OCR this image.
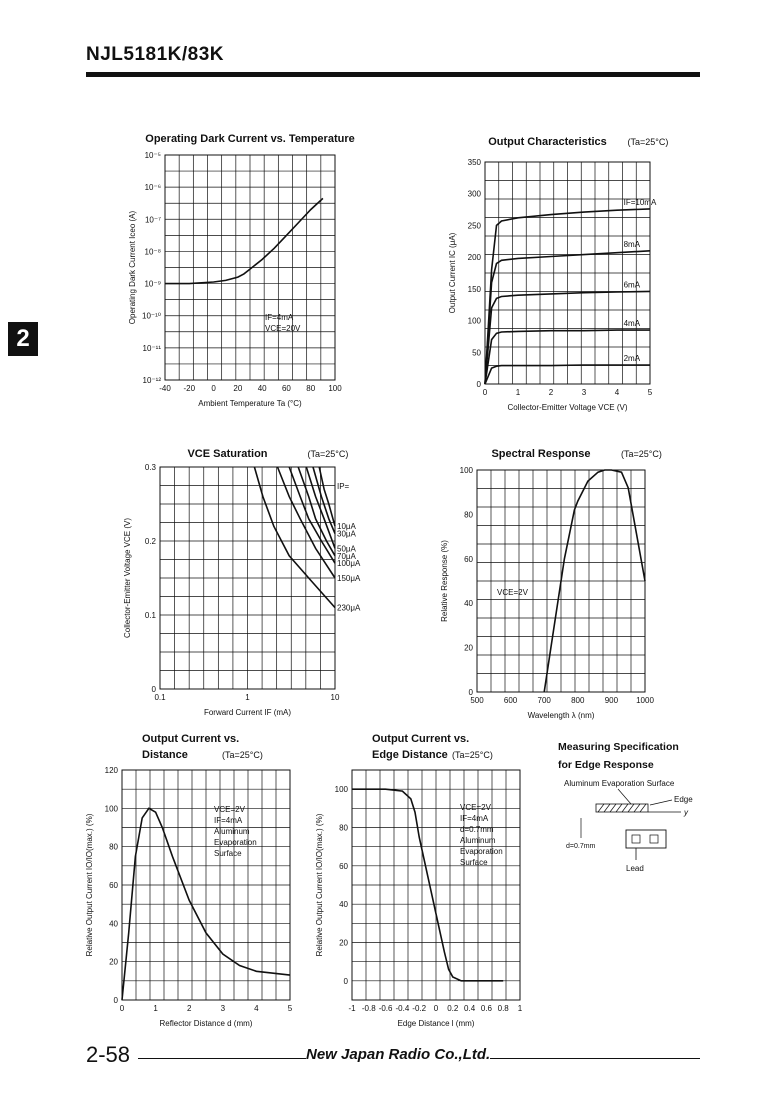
NJL5181K/83K
2
Operating Dark Current vs. Temperature
-40 -20 0 20 40 60 80 100
10⁻⁵
10⁻⁶
10⁻⁷
10⁻⁸
10⁻⁹
10⁻¹⁰
10⁻¹¹
10⁻¹²
Ambient Temperature Ta (°C)
Operating Dark Current Iceo (A)	IF=4mA
VCE=20V
Output Characteristics (Ta=25°C)
0	1	2	3	4	5
0
50
100
150
200
250
300
350
Collector-Emitter Voltage VCE (V)
Output Current IC (μA)
IF=10mA
8mA
6mA
4mA
2mA
VCE Saturation	(Ta=25°C)
0.1	1	10
0
0.1
0.2
0.3
Forward Current IF (mA)
Collector-Emitter Voltage VCE (V)	230μA
150μA
100μA
70μA
50μA
30μA
10μA
IP=
Spectral Response	(Ta=25°C)
500	600	700	800	900 1000
0
20
40
60
80
100
Wavelength λ (nm)
Relative Response (%)	VCE=2V
Output Current vs.
Distance	(Ta=25°C)
0	1	2	3	4	5
0
20
40
60
80
100
120
Reflector Distance d (mm)
Relative Output Current IO/IO(max.) (%)
VCE=2V
IF=4mA
Aluminum
Evaporation
Surface
Output Current vs.
Edge Distance (Ta=25°C)
-1 -0.8 -0.6 -0.4 -0.2 0 0.2 0.4 0.6 0.8 1
0
20
40
60
80
100
Edge Distance l (mm)
Relative Output Current IO/IO(max.) (%)
VCE=2V
IF=4mA
d=0.7mm
Aluminum
Evaporation
Surface
Measuring Specification
for Edge Response
Aluminum Evaporation Surface
y
Edge
d=0.7mm
Lead
2-58	New Japan Radio Co.,Ltd.
